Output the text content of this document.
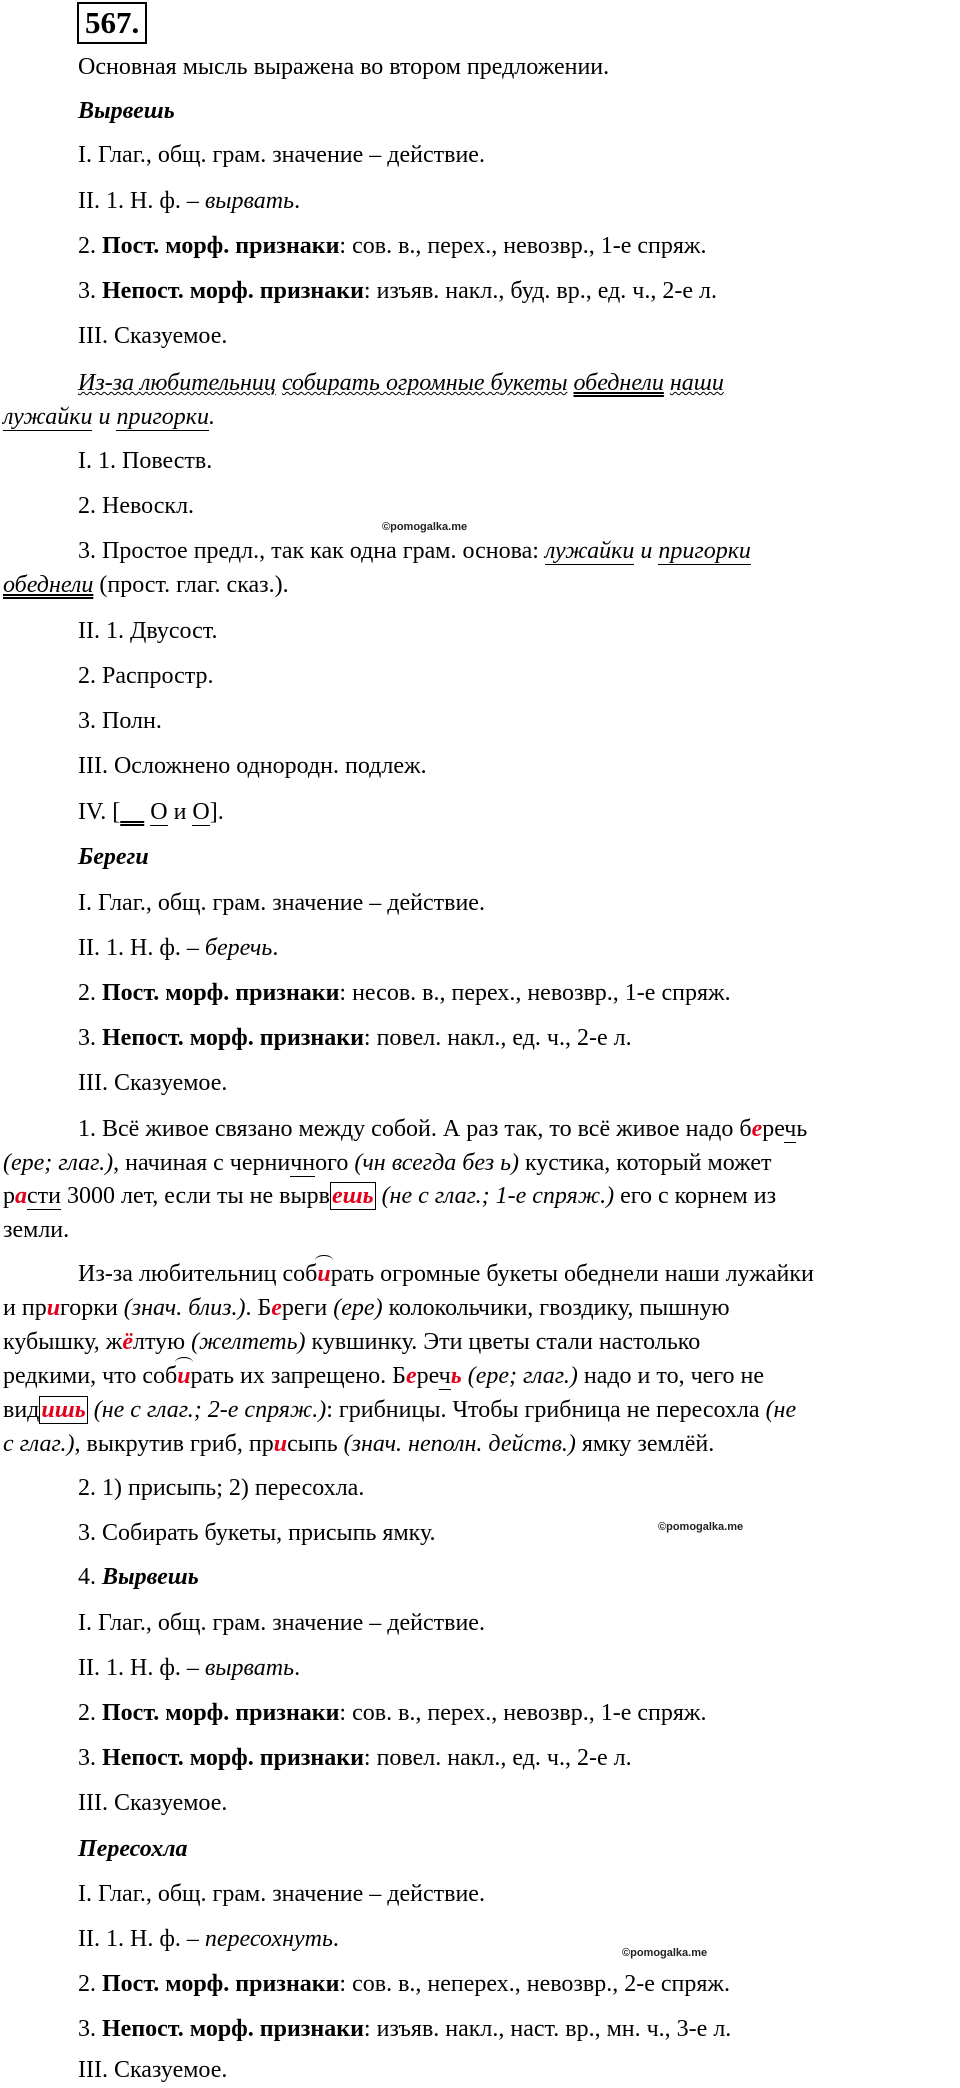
567.
Основная мысль выражена во втором предложении.
Вырвешь
I. Глаг., общ. грам. значение – действие.
II. 1. Н. ф. – вырвать.
2. Пост. морф. признаки: сов. в., перех., невозвр., 1-е спряж.
3. Непост. морф. признаки: изъяв. накл., буд. вр., ед. ч., 2-е л.
III. Сказуемое.
Из-за любительниц собирать огромные букеты обеднели наши
лужайки и пригорки.
I. 1. Повеств.
2. Невоскл.
©pomogalka.me
3. Простое предл., так как одна грам. основа: лужайки и пригорки
обеднели (прост. глаг. сказ.).
II. 1. Двусост.
2. Распростр.
3. Полн.
III. Осложнено однородн. подлеж.
IV. [ О и О].
Береги
I. Глаг., общ. грам. значение – действие.
II. 1. Н. ф. – беречь.
2. Пост. морф. признаки: несов. в., перех., невозвр., 1-е спряж.
3. Непост. морф. признаки: повел. накл., ед. ч., 2-е л.
III. Сказуемое.
1. Всё живое связано между собой. А раз так, то всё живое надо беречь
(ере; глаг.), начиная с черничного (чн всегда без ь) кустика, который может
расти 3000 лет, если ты не вырвешь (не с глаг.; 1-е спряж.) его с корнем из
земли.
Из-за любительниц собирать огромные букеты обеднели наши лужайки
и пригорки (знач. близ.). Береги (ере) колокольчики, гвоздику, пышную
кубышку, жёлтую (желтеть) кувшинку. Эти цветы стали настолько
редкими, что собирать их запрещено. Беречь (ере; глаг.) надо и то, чего не
видишь (не с глаг.; 2-е спряж.): грибницы. Чтобы грибница не пересохла (не
с глаг.), выкрутив гриб, присыпь (знач. неполн. действ.) ямку землёй.
2. 1) присыпь; 2) пересохла.
3. Собирать букеты, присыпь ямку.	©pomogalka.me
4. Вырвешь
I. Глаг., общ. грам. значение – действие.
II. 1. Н. ф. – вырвать.
2. Пост. морф. признаки: сов. в., перех., невозвр., 1-е спряж.
3. Непост. морф. признаки: повел. накл., ед. ч., 2-е л.
III. Сказуемое.
Пересохла
I. Глаг., общ. грам. значение – действие.
II. 1. Н. ф. – пересохнуть.
©pomogalka.me
2. Пост. морф. признаки: сов. в., неперех., невозвр., 2-е спряж.
3. Непост. морф. признаки: изъяв. накл., наст. вр., мн. ч., 3-е л.
III. Сказуемое.
